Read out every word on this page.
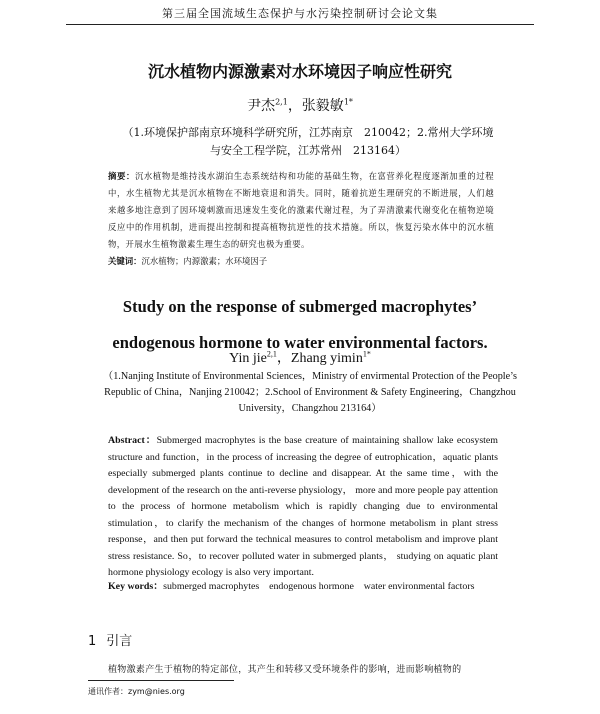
第三届全国流域生态保护与水污染控制研讨会论文集
沉水植物内源激素对水环境因子响应性研究
尹杰$^{2,1}$，张毅敏$^{1*}$
（1.环境保护部南京环境科学研究所，江苏南京　210042；2.常州大学环境与安全工程学院，江苏常州　213164）
摘要：沉水植物是维持浅水湖泊生态系统结构和功能的基础生物，在富营养化程度逐渐加重的过程中，水生植物尤其是沉水植物在不断地衰退和消失。同时，随着抗逆生理研究的不断进展，人们越来越多地注意到了因环境刺激而迅速发生变化的激素代谢过程，为了弄清激素代谢变化在植物逆境反应中的作用机制，进而提出控制和提高植物抗逆性的技术措施。所以，恢复污染水体中的沉水植物，开展水生植物激素生理生态的研究也极为重要。
关键词：沉水植物；内源激素；水环境因子
Study on the response of submerged macrophytes’
endogenous hormone to water environmental factors.
Yin jie$^{2,1}$，Zhang yimin$^{1*}$
（1.Nanjing Institute of Environmental Sciences，Ministry of envirmental Protection of the People’s Republic of China，Nanjing 210042；2.School of Environment & Safety Engineering，Changzhou University，Changzhou 213164）
Abstract：Submerged macrophytes is the base creature of maintaining shallow lake ecosystem structure and function，in the process of increasing the degree of eutrophication，aquatic plants especially submerged plants continue to decline and disappear. At the same time，with the development of the research on the anti-reverse physiology， more and more people pay attention to the process of hormone metabolism which is rapidly changing due to environmental stimulation，to clarify the mechanism of the changes of hormone metabolism in plant stress response，and then put forward the technical measures to control metabolism and improve plant stress resistance. So，to recover polluted water in submerged plants， studying on aquatic plant hormone physiology ecology is also very important.
Key words：submerged macrophytes　endogenous hormone　water environmental factors
1 引言
植物激素产生于植物的特定部位，其产生和转移又受环境条件的影响，进而影响植物的
通讯作者：zym@nies.org
